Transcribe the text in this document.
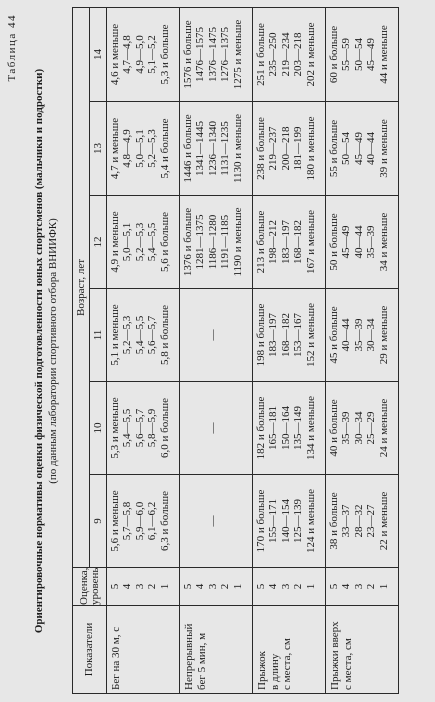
Таблица 44
Ориентировочные нормативы оценки физической подготовленности юных спортсменов (мальчики и подростки) (по данным лаборатории спортивного отбора ВНИИФК)
Показатели	Оценка, уровень	Возраст, лет					
		9	10	11	12	13	14

Бег на 30 м, с	5 4 3 2 1	5,6 и меньше 5,7—5,8 5,9—6,0 6,1—6,2 6,3 и больше	5,3 и меньше 5,4—5,5 5,6—5,7 5,8—5,9 6,0 и больше	5,1 и меньше 5,2—5,3 5,4—5,5 5,6—5,7 5,8 и больше	4,9 и меньше 5,0—5,1 5,2—5,3 5,4—5,5 5,6 и больше	4,7 и меньше 4,8—4,9 5,0—5,1 5,2—5,3 5,4 и больше	4,6 и меньше 4,7—4,8 4,9—5,0 5,1—5,2 5,3 и больше

Непрерывный бег 5 мин, м	5 4 3 2 1	—	—	—	1376 и больше 1281—1375 1186—1280 1191—1185 1190 и меньше	1446 и больше 1341—1445 1236—1340 1131—1235 1130 и меньше	1576 и больше 1476—1575 1376—1475 1276—1375 1275 и меньше

Прыжок в длину с места, см	5 4 3 2 1	170 и больше 155—171 140—154 125—139 124 и меньше	182 и больше 165—181 150—164 135—149 134 и меньше	198 и больше 183—197 168—182 153—167 152 и меньше	213 и больше 198—212 183—197 168—182 167 и меньше	238 и больше 219—237 200—218 181—199 180 и меньше	251 и больше 235—250 219—234 203—218 202 и меньше

Прыжки вверх с места, см	5 4 3 2 1	38 и больше 33—37 28—32 23—27 22 и меньше	40 и больше 35—39 30—34 25—29 24 и меньше	45 и больше 40—44 35—39 30—34 29 и меньше	50 и больше 45—49 40—44 35—39 34 и меньше	55 и больше 50—54 45—49 40—44 39 и меньше	60 и больше 55—59 50—54 45—49 44 и меньше
